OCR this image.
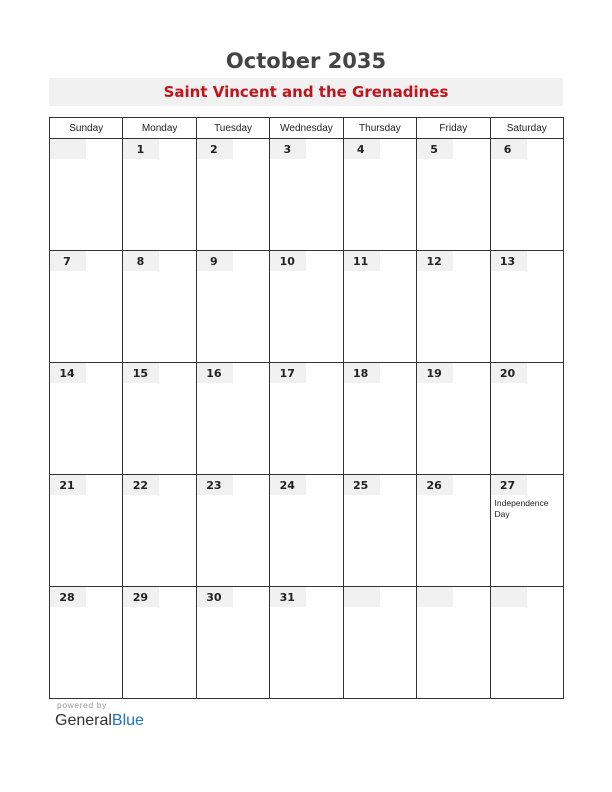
October 2035
Saint Vincent and the Grenadines
Sunday	Monday	Tuesday	Wednesday	Thursday	Friday	Saturday

	1	2	3	4	5	6

7	8	9	10	11	12	13

14	15	16	17	18	19	20

21	22	23	24	25	26	27
Independence Day

28	29	30	31			

powered by
GeneralBlue
